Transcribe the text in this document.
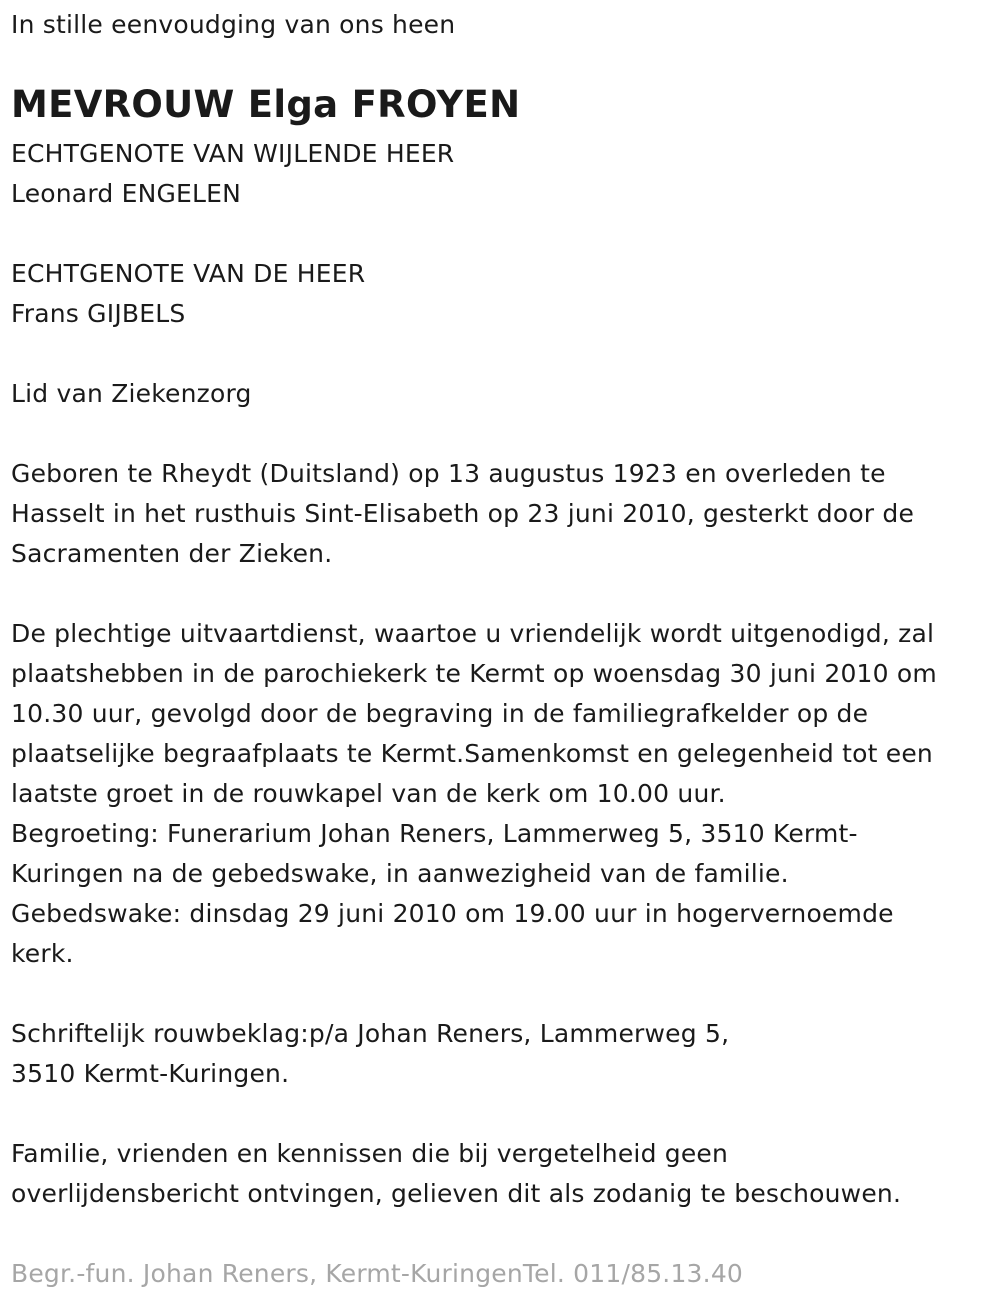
In stille eenvoudging van ons heen
MEVROUW Elga FROYEN
ECHTGENOTE VAN WIJLENDE HEER
Leonard ENGELEN
ECHTGENOTE VAN DE HEER
Frans GIJBELS
Lid van Ziekenzorg
Geboren te Rheydt (Duitsland) op 13 augustus 1923 en overleden te
Hasselt in het rusthuis Sint-Elisabeth op 23 juni 2010, gesterkt door de
Sacramenten der Zieken.
De plechtige uitvaartdienst, waartoe u vriendelijk wordt uitgenodigd, zal
plaatshebben in de parochiekerk te Kermt op woensdag 30 juni 2010 om
10.30 uur, gevolgd door de begraving in de familiegrafkelder op de
plaatselijke begraafplaats te Kermt.Samenkomst en gelegenheid tot een
laatste groet in de rouwkapel van de kerk om 10.00 uur.
Begroeting: Funerarium Johan Reners, Lammerweg 5, 3510 Kermt-
Kuringen na de gebedswake, in aanwezigheid van de familie.
Gebedswake: dinsdag 29 juni 2010 om 19.00 uur in hogervernoemde
kerk.
Schriftelijk rouwbeklag:p/a Johan Reners, Lammerweg 5,
3510 Kermt-Kuringen.
Familie, vrienden en kennissen die bij vergetelheid geen
overlijdensbericht ontvingen, gelieven dit als zodanig te beschouwen.
Begr.-fun. Johan Reners, Kermt-KuringenTel. 011/85.13.40
